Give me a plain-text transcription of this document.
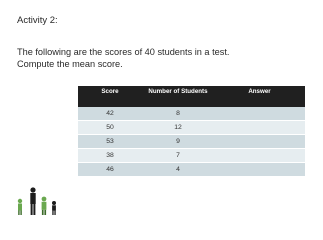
Activity 2:
The following are the scores of 40 students in a test.
Compute the mean score.
Score	Number of Students	Answer
42	8	
50	12	
53	9	
38	7	
46	4	
